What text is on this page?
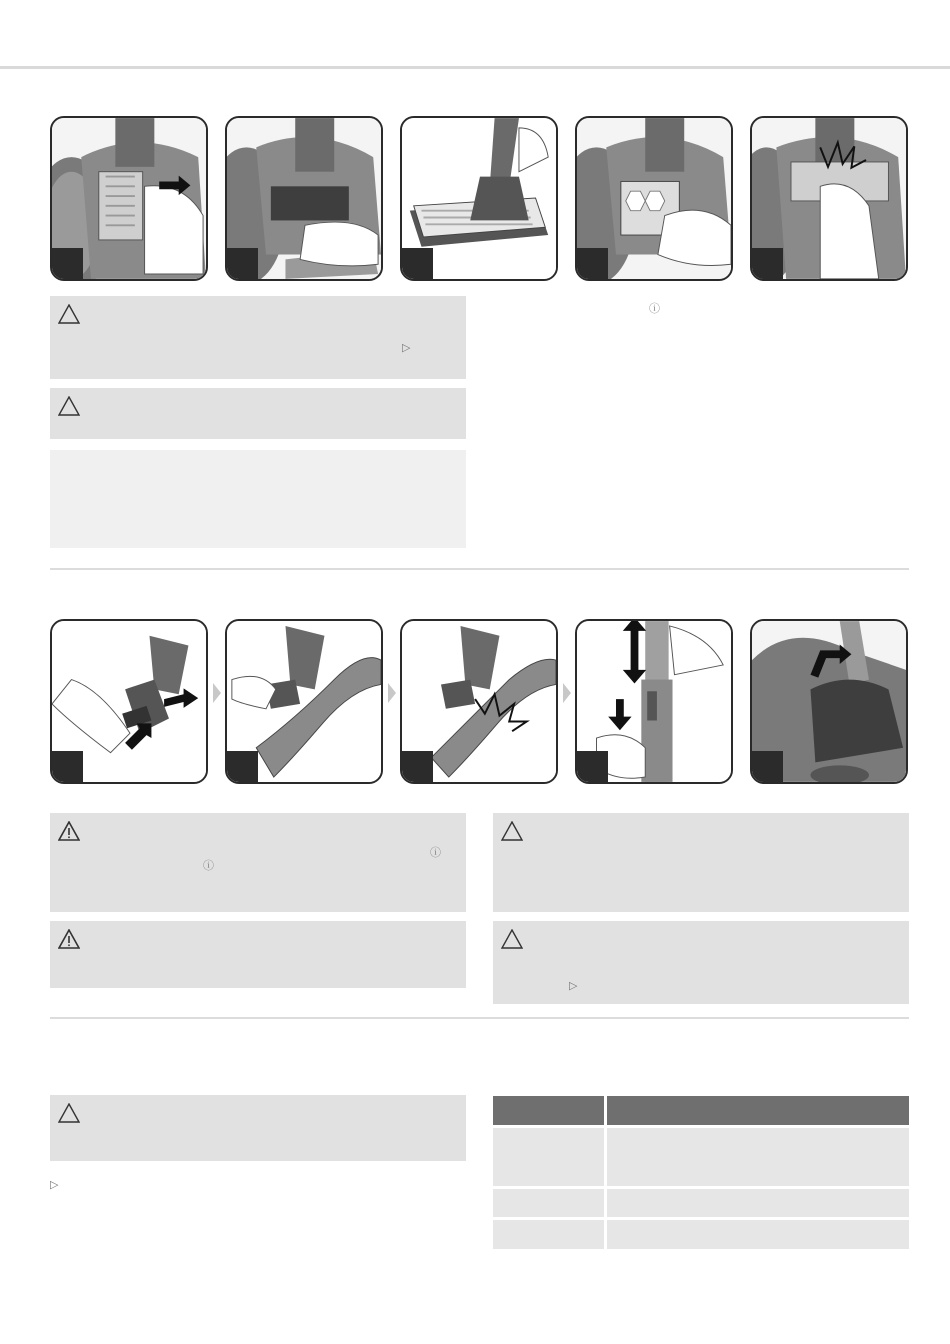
▷
ⓘ
ⓘ
ⓘ
▷
▷
